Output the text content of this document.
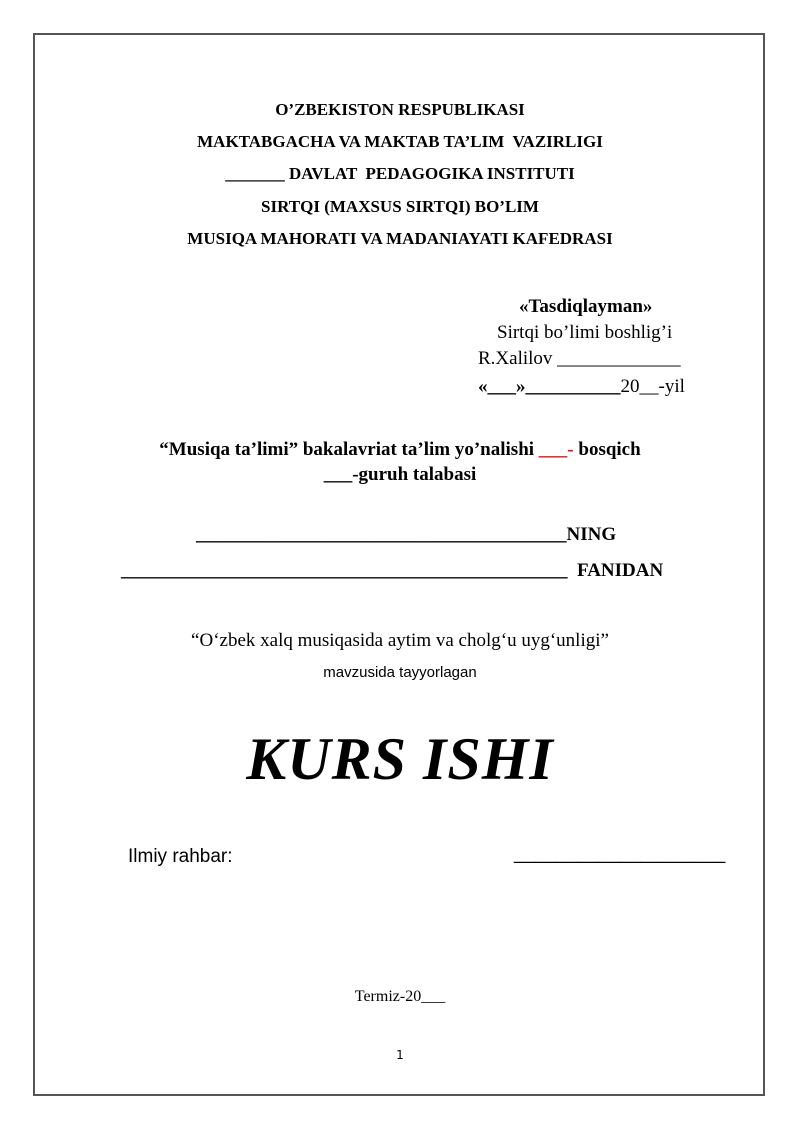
O’ZBEKISTON RESPUBLIKASI
MAKTABGACHA VA MAKTAB TA’LIM  VAZIRLIGI
_______ DAVLAT  PEDAGOGIKA INSTITUTI
SIRTQI (MAXSUS SIRTQI) BO’LIM
MUSIQA MAHORATI VA MADANIAYATI KAFEDRASI
«Tasdiqlayman»
Sirtqi bo’limi boshlig’i
R.Xalilov _____________
«___»__________20__-yil
“Musiqa ta’limi” bakalavriat ta’lim yo’nalishi ___- bosqich
___-guruh talabasi
_______________________________________NING
_______________________________________________  FANIDAN
“O‘zbek xalq musiqasida aytim va cholg‘u uyg‘unligi”
mavzusida tayyorlagan
KURS ISHI
Ilmiy rahbar:	____________________
Termiz-20___
1
